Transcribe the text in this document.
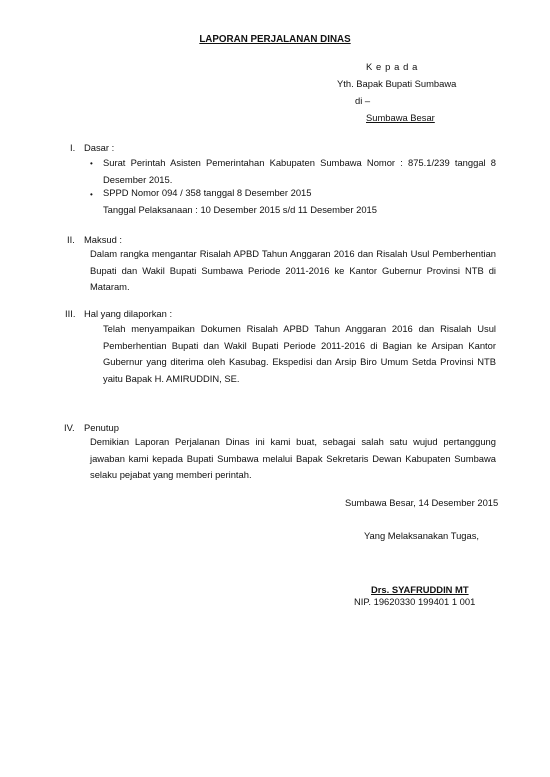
LAPORAN PERJALANAN DINAS
K e p a d a
Yth. Bapak Bupati Sumbawa
di –
Sumbawa Besar
I. Dasar :
• Surat Perintah Asisten Pemerintahan Kabupaten Sumbawa Nomor : 875.1/239 tanggal 8 Desember 2015.
• SPPD Nomor 094 / 358 tanggal 8 Desember 2015
Tanggal Pelaksanaan : 10 Desember 2015 s/d 11 Desember 2015
II. Maksud :
Dalam rangka mengantar Risalah APBD Tahun Anggaran 2016 dan Risalah Usul Pemberhentian Bupati dan Wakil Bupati Sumbawa Periode 2011-2016 ke Kantor Gubernur Provinsi NTB di Mataram.
III. Hal yang dilaporkan :
Telah menyampaikan Dokumen Risalah APBD Tahun Anggaran 2016 dan Risalah Usul Pemberhentian Bupati dan Wakil Bupati Periode 2011-2016 di Bagian ke Arsipan Kantor Gubernur yang diterima oleh Kasubag. Ekspedisi dan Arsip Biro Umum Setda Provinsi NTB yaitu Bapak H. AMIRUDDIN, SE.
IV. Penutup
Demikian Laporan Perjalanan Dinas ini kami buat, sebagai salah satu wujud pertanggung jawaban kami kepada Bupati Sumbawa melalui Bapak Sekretaris Dewan Kabupaten Sumbawa selaku pejabat yang memberi perintah.
Sumbawa Besar, 14 Desember 2015
Yang Melaksanakan Tugas,
Drs. SYAFRUDDIN MT
NIP. 19620330 199401 1 001
